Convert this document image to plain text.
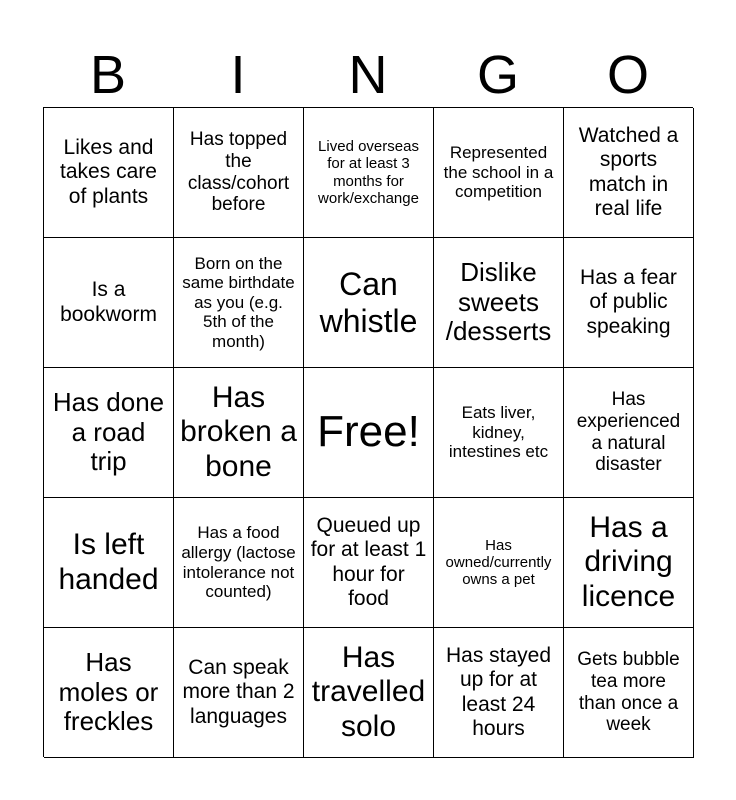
B	I	N	G	O
Likes and takes care of plants
Has topped the class/cohort before
Lived overseas for at least 3 months for work/exchange
Represented the school in a competition
Watched a sports match in real life
Is a bookworm
Born on the same birthdate as you (e.g. 5th of the month)
Can whistle
Dislike sweets /desserts
Has a fear of public speaking
Has done a road trip
Has broken a bone
Free!	Eats liver, kidney, intestines etc
Has experienced a natural disaster
Is left handed
Has a food allergy (lactose intolerance not counted)
Queued up for at least 1 hour for food
Has owned/currently owns a pet
Has a driving licence
Has moles or freckles
Can speak more than 2 languages
Has travelled solo
Has stayed up for at least 24 hours
Gets bubble tea more than once a week
